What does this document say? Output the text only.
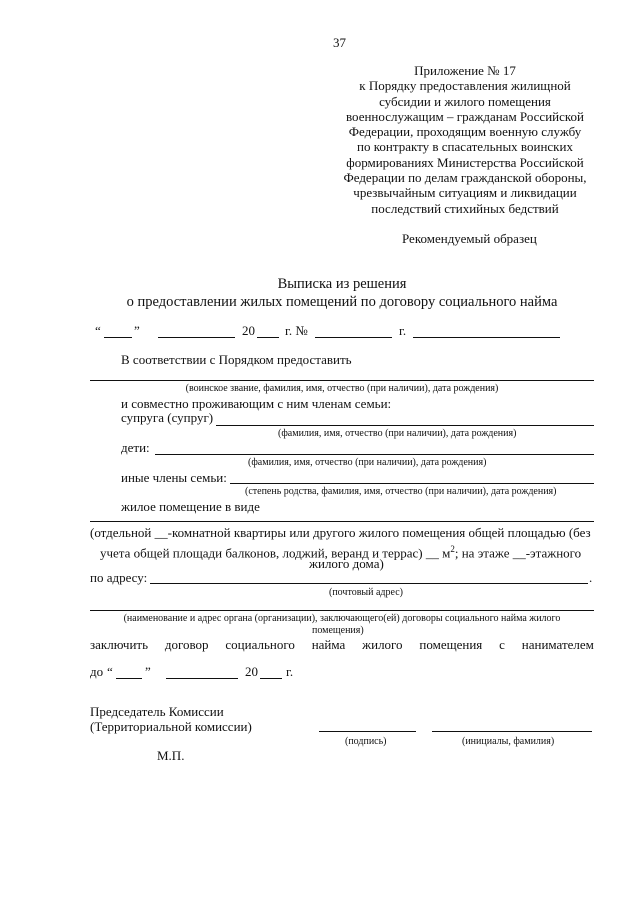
37
Приложение № 17
к Порядку предоставления жилищной
субсидии и жилого помещения
военнослужащим – гражданам Российской
Федерации, проходящим военную службу
по контракту в спасательных воинских
формированиях Министерства Российской
Федерации по делам гражданской обороны,
чрезвычайным ситуациям и ликвидации
последствий стихийных бедствий
Рекомендуемый образец
Выписка из решения
о предоставлении жилых помещений по договору социального найма
“	”	20 г. №	г.
В соответствии с Порядком предоставить
(воинское звание, фамилия, имя, отчество (при наличии), дата рождения)
и совместно проживающим с ним членам семьи:
супруга (супруг)
(фамилия, имя, отчество (при наличии), дата рождения)
дети:
(фамилия, имя, отчество (при наличии), дата рождения)
иные члены семьи:
(степень родства, фамилия, имя, отчество (при наличии), дата рождения)
жилое помещение в виде
(отдельной __-комнатной квартиры или другого жилого помещения общей площадью (без
учета общей площади балконов, лоджий, веранд и террас) __ $м^2$; на этаже __-этажного
жилого дома)
по адресу:	.
(почтовый адрес)
(наименование и адрес органа (организации), заключающего(ей) договоры социального найма жилого
помещения)
заключить договор социального найма жилого помещения с нанимателем
до “ ”	20 г.
Председатель Комиссии
(Территориальной комиссии)
(подпись)	(инициалы, фамилия)
М.П.
